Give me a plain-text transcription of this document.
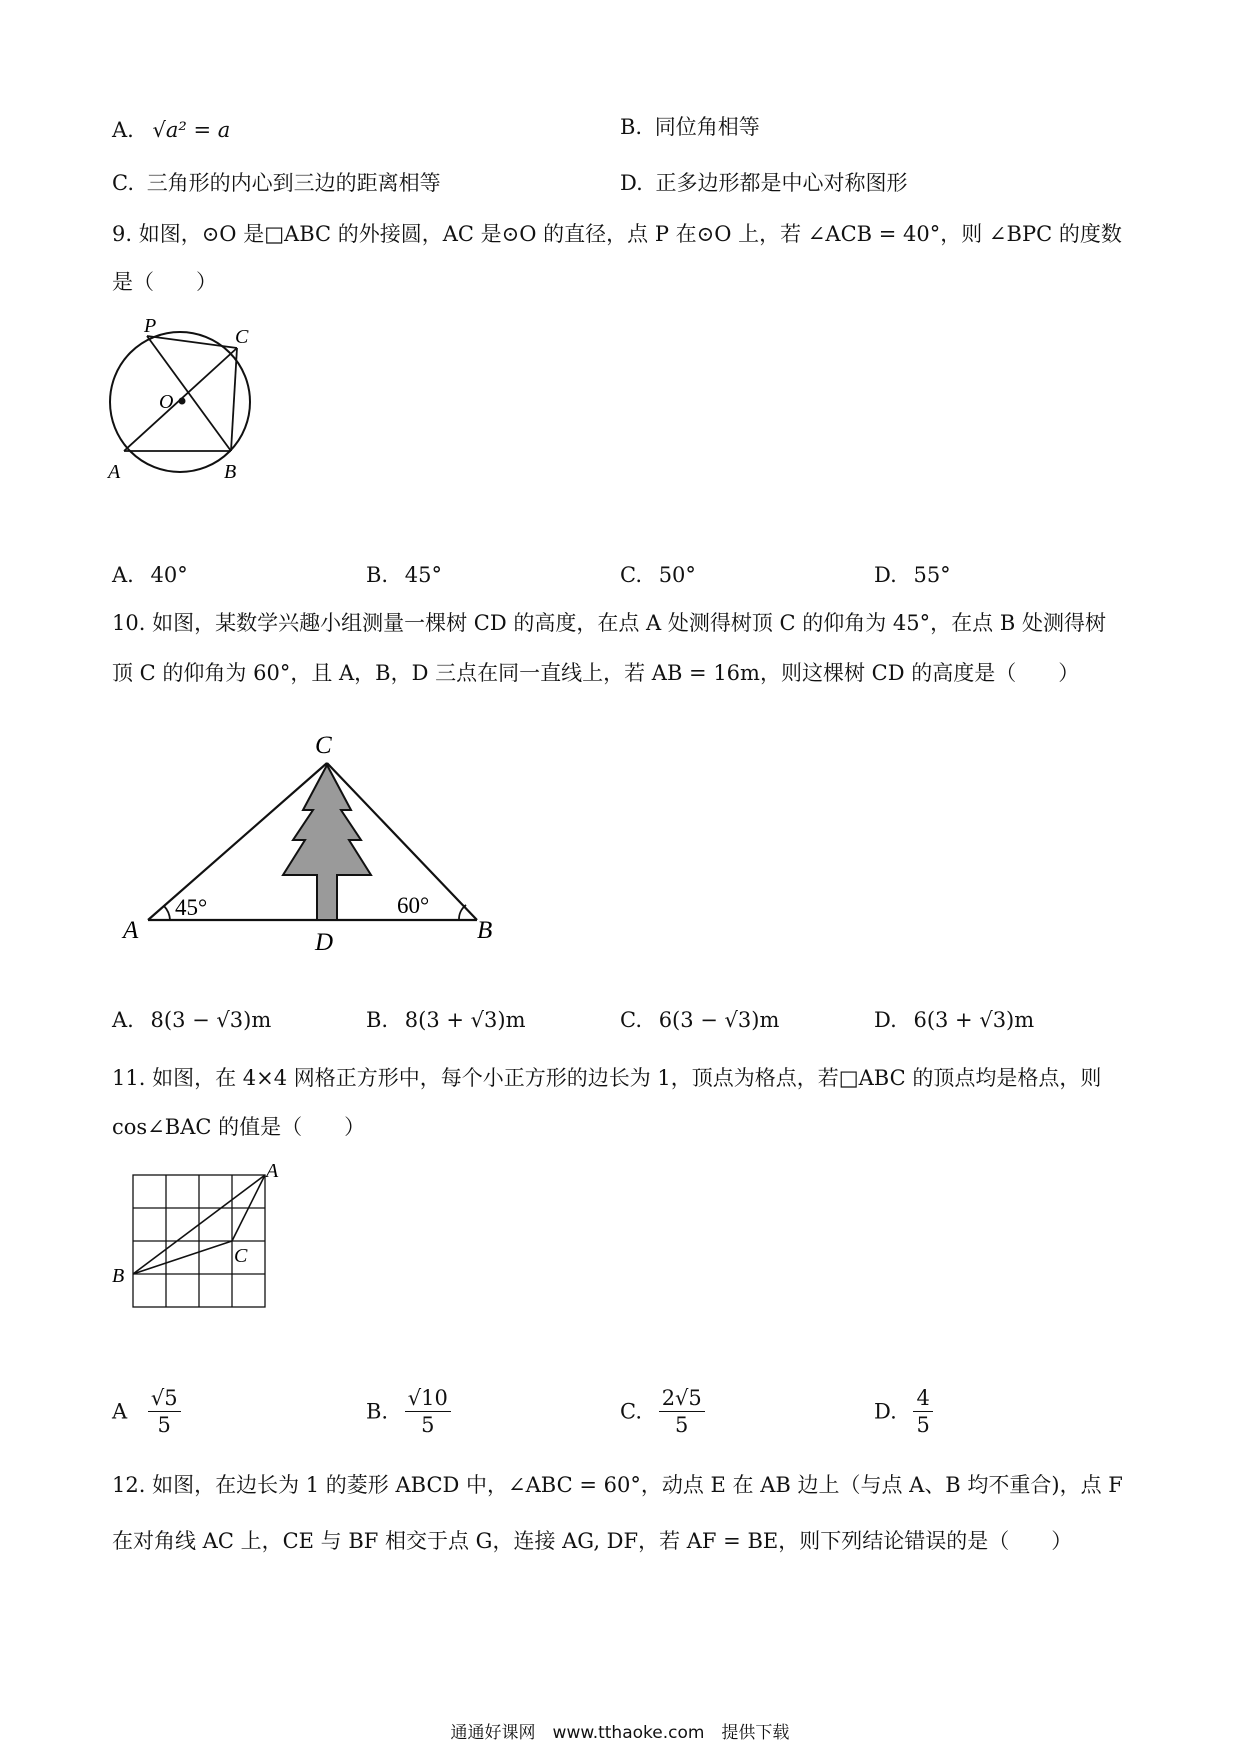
A. √a² = a	B. 同位角相等
C. 三角形的内心到三边的距离相等	D. 正多边形都是中心对称图形
9. 如图，⊙O 是□ABC 的外接圆，AC 是⊙O 的直径，点 P 在⊙O 上，若 ∠ACB = 40°，则 ∠BPC 的度数
是（　　）
P	C
O
A	B
A. 40°	B. 45°	C. 50°	D. 55°
10. 如图，某数学兴趣小组测量一棵树 CD 的高度，在点 A 处测得树顶 C 的仰角为 45°，在点 B 处测得树
顶 C 的仰角为 60°，且 A，B，D 三点在同一直线上，若 AB = 16m，则这棵树 CD 的高度是（　　）
45°	60°
C
A	B
D
A. 8(3 − √3)m	B. 8(3 + √3)m	C. 6(3 − √3)m	D. 6(3 + √3)m
11. 如图，在 4×4 网格正方形中，每个小正方形的边长为 1，顶点为格点，若□ABC 的顶点均是格点，则
cos∠BAC 的值是（　　）
A
B
C
A $\frac{√5}{5}$	B. $\frac{√10}{5}$	C. $\frac{2√5}{5}$	D. $\frac{4}{5}$
12. 如图，在边长为 1 的菱形 ABCD 中，∠ABC = 60°，动点 E 在 AB 边上（与点 A、B 均不重合)，点 F
在对角线 AC 上，CE 与 BF 相交于点 G，连接 AG, DF，若 AF = BE，则下列结论错误的是（　　）
通通好课网　www.tthaoke.com　提供下载
